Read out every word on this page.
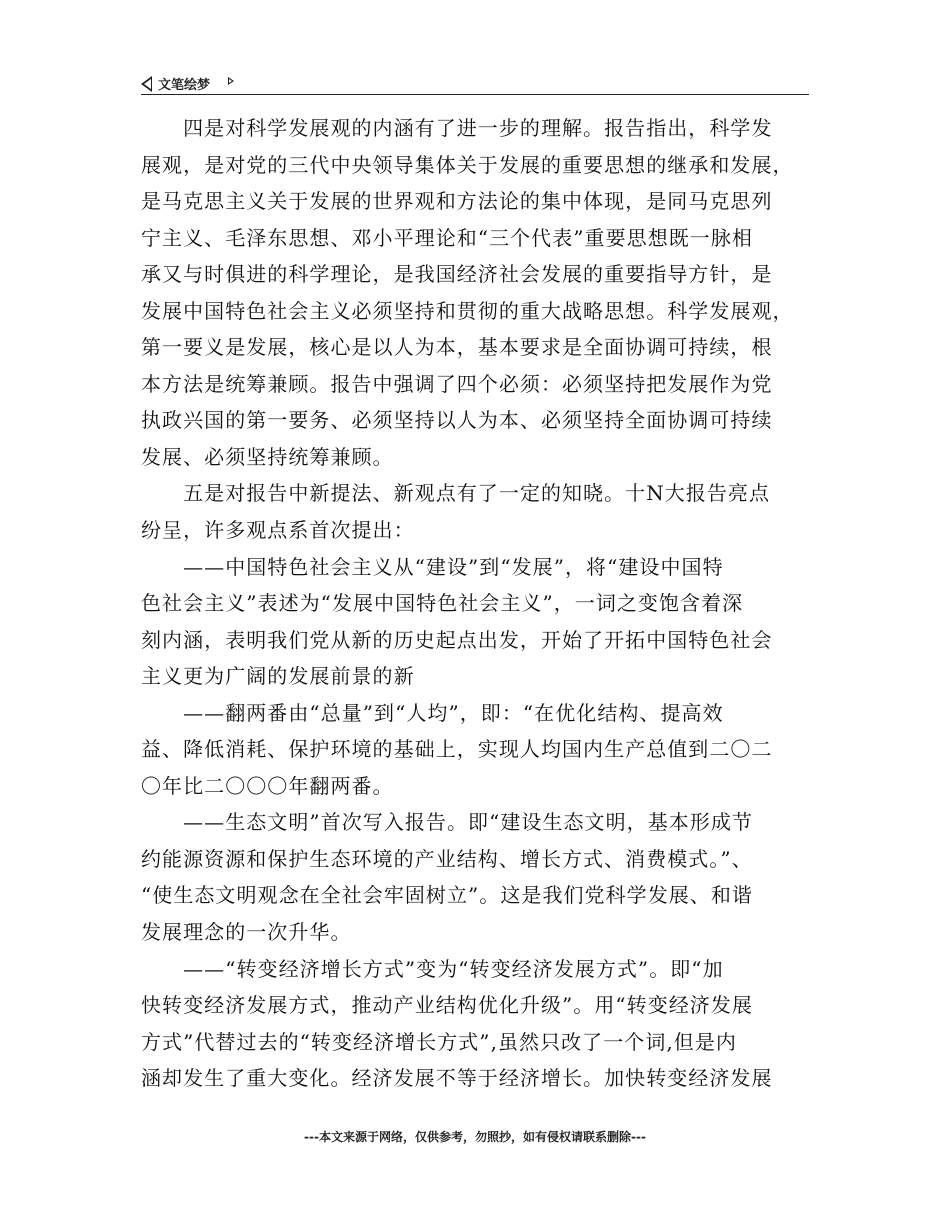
文笔绘梦
　　四是对科学发展观的内涵有了进一步的理解。报告指出，科学发
展观，是对党的三代中央领导集体关于发展的重要思想的继承和发展，
是马克思主义关于发展的世界观和方法论的集中体现，是同马克思列
宁主义、毛泽东思想、邓小平理论和“三个代表”重要思想既一脉相
承又与时俱进的科学理论，是我国经济社会发展的重要指导方针，是
发展中国特色社会主义必须坚持和贯彻的重大战略思想。科学发展观，
第一要义是发展，核心是以人为本，基本要求是全面协调可持续，根
本方法是统筹兼顾。报告中强调了四个必须：必须坚持把发展作为党
执政兴国的第一要务、必须坚持以人为本、必须坚持全面协调可持续
发展、必须坚持统筹兼顾。
　　五是对报告中新提法、新观点有了一定的知晓。十N大报告亮点
纷呈，许多观点系首次提出：
　　——中国特色社会主义从“建设”到“发展”，将“建设中国特
色社会主义”表述为“发展中国特色社会主义”，一词之变饱含着深
刻内涵，表明我们党从新的历史起点出发，开始了开拓中国特色社会
主义更为广阔的发展前景的新
　　——翻两番由“总量”到“人均”，即：“在优化结构、提高效
益、降低消耗、保护环境的基础上，实现人均国内生产总值到二〇二
〇年比二〇〇〇年翻两番。
　　——生态文明”首次写入报告。即“建设生态文明，基本形成节
约能源资源和保护生态环境的产业结构、增长方式、消费模式。”、
“使生态文明观念在全社会牢固树立”。这是我们党科学发展、和谐
发展理念的一次升华。
　　——“转变经济增长方式”变为“转变经济发展方式”。即“加
快转变经济发展方式，推动产业结构优化升级”。用“转变经济发展
方式”代替过去的“转变经济增长方式”,虽然只改了一个词,但是内
涵却发生了重大变化。经济发展不等于经济增长。加快转变经济发展
---本文来源于网络，仅供参考，勿照抄，如有侵权请联系删除---
